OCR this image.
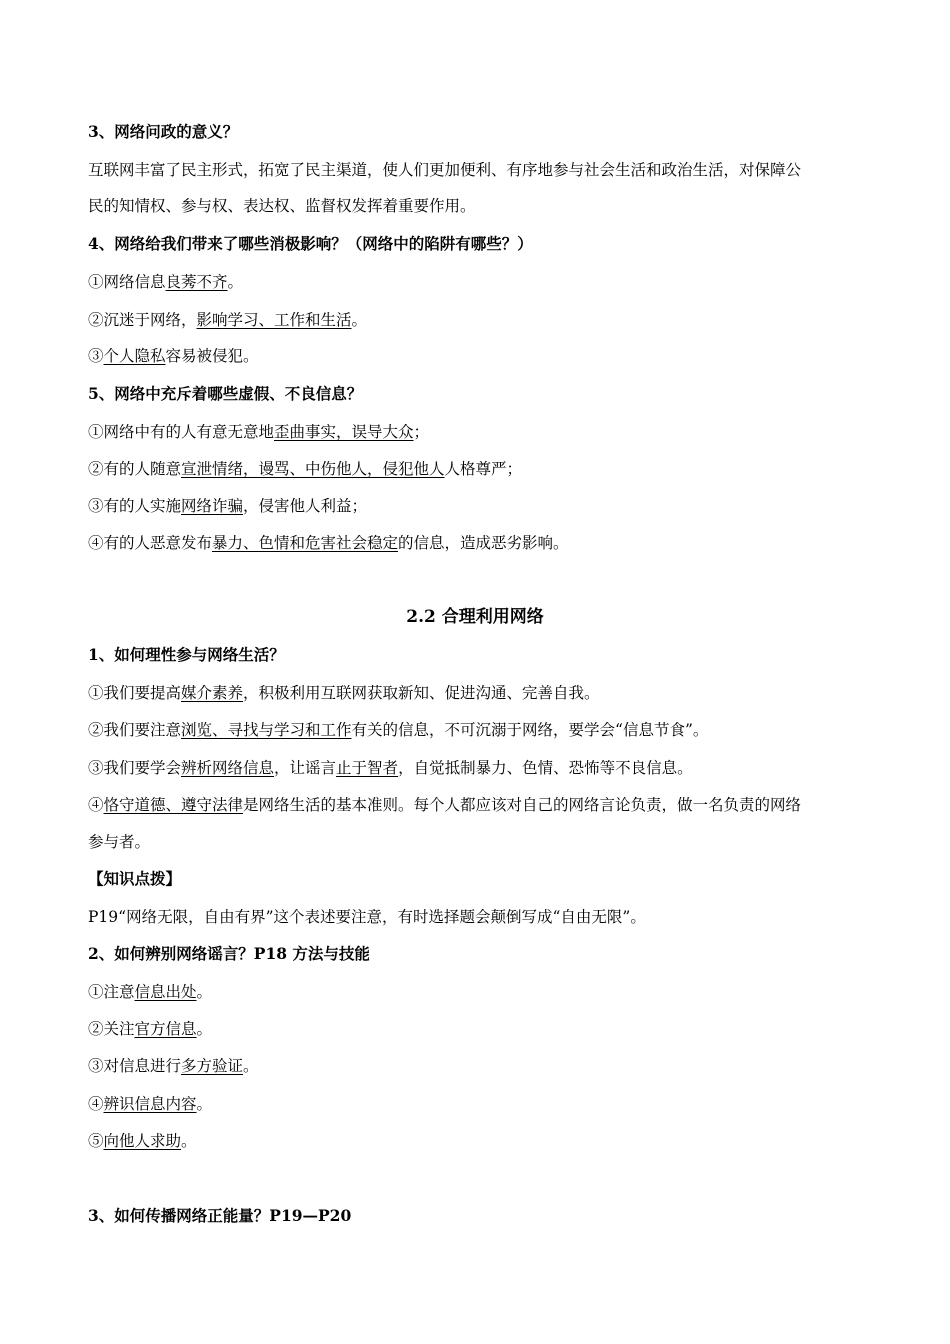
3、网络问政的意义？
互联网丰富了民主形式，拓宽了民主渠道，使人们更加便利、有序地参与社会生活和政治生活，对保障公
民的知情权、参与权、表达权、监督权发挥着重要作用。
4、网络给我们带来了哪些消极影响？（网络中的陷阱有哪些？）
①网络信息良莠不齐。
②沉迷于网络，影响学习、工作和生活。
③个人隐私容易被侵犯。
5、网络中充斥着哪些虚假、不良信息？
①网络中有的人有意无意地歪曲事实，误导大众；
②有的人随意宣泄情绪，谩骂、中伤他人，侵犯他人人格尊严；
③有的人实施网络诈骗，侵害他人利益；
④有的人恶意发布暴力、色情和危害社会稳定的信息，造成恶劣影响。
2.2 合理利用网络
1、如何理性参与网络生活？
①我们要提高媒介素养，积极利用互联网获取新知、促进沟通、完善自我。
②我们要注意浏览、寻找与学习和工作有关的信息，不可沉溺于网络，要学会“信息节食”。
③我们要学会辨析网络信息，让谣言止于智者，自觉抵制暴力、色情、恐怖等不良信息。
④恪守道德、遵守法律是网络生活的基本准则。每个人都应该对自己的网络言论负责，做一名负责的网络
参与者。
【知识点拨】
P19“网络无限，自由有界”这个表述要注意，有时选择题会颠倒写成“自由无限”。
2、如何辨别网络谣言？P18 方法与技能
①注意信息出处。
②关注官方信息。
③对信息进行多方验证。
④辨识信息内容。
⑤向他人求助。
3、如何传播网络正能量？P19—P20
